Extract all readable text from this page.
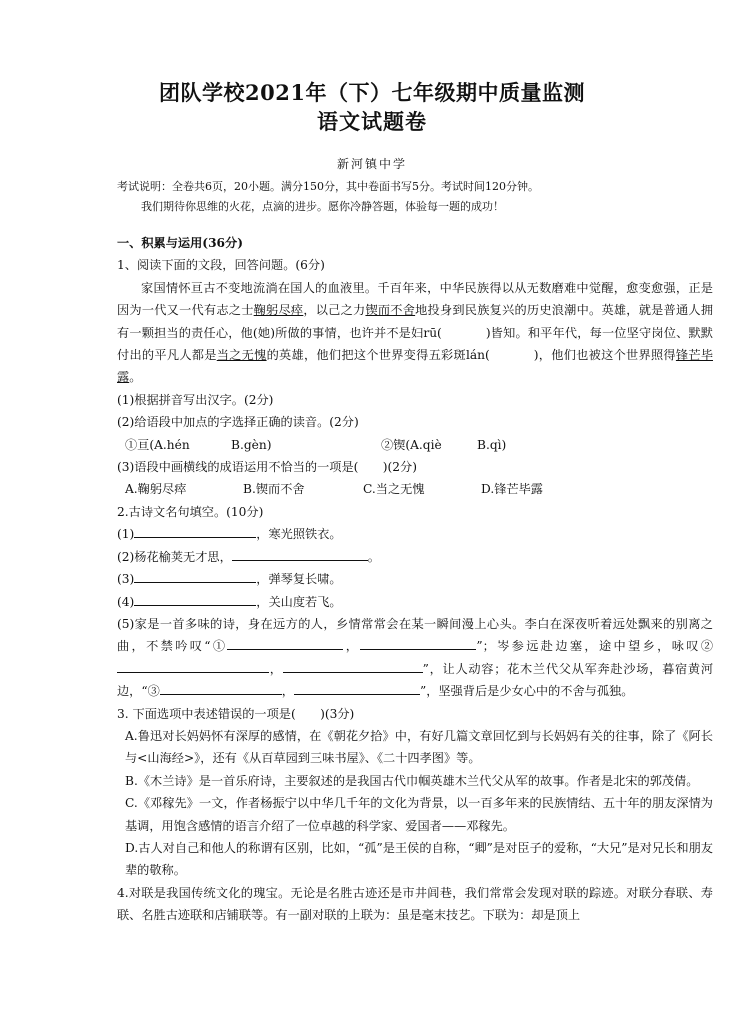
团队学校2021年（下）七年级期中质量监测
语文试题卷
新河镇中学
考试说明：全卷共6页，20小题。满分150分，其中卷面书写5分。考试时间120分钟。
我们期待你思维的火花，点滴的进步。愿你冷静答题，体验每一题的成功！

一、积累与运用(36分)

1、阅读下面的文段，回答问题。(6分)

家国情怀亘古不变地流淌在国人的血液里。千百年来，中华民族得以从无数磨难中觉醒，愈变愈强，正是因为一代又一代有志之士鞠躬尽瘁，以己之力锲而不舍地投身到民族复兴的历史浪潮中。英雄，就是普通人拥有一颗担当的责任心，他(她)所做的事情，也许并不是妇rū(	)皆知。和平年代，每一位坚守岗位、默默付出的平凡人都是当之无愧的英雄，他们把这个世界变得五彩斑lán(	)，他们也被这个世界照得锋芒毕露。

(1)根据拼音写出汉字。(2分)

(2)给语段中加点的字选择正确的读音。(2分)

①亘(A.hén	B.gèn)	②锲(A.qiè	B.qì)

(3)语段中画横线的成语运用不恰当的一项是(　　)(2分)

A.鞠躬尽瘁	B.锲而不舍	C.当之无愧	D.锋芒毕露

2.古诗文名句填空。(10分)

(1)	，寒光照铁衣。

(2)杨花榆荚无才思，	。

(3)	，弹琴复长啸。

(4)	，关山度若飞。

(5)家是一首多味的诗，身在远方的人，乡情常常会在某一瞬间漫上心头。李白在深夜听着远处飘来的别离之曲，不禁吟叹“①	，	”；岑参远赴边塞，途中望乡，咏叹②，	”，让人动容；花木兰代父从军奔赴沙场，暮宿黄河边，“③	，	”，坚强背后是少女心中的不舍与孤独。

3. 下面选项中表述错误的一项是(　　)(3分)

A.鲁迅对长妈妈怀有深厚的感情，在《朝花夕拾》中，有好几篇文章回忆到与长妈妈有关的往事，除了《阿长与<山海经>》，还有《从百草园到三味书屋》、《二十四孝图》等。

B.《木兰诗》是一首乐府诗，主要叙述的是我国古代巾帼英雄木兰代父从军的故事。作者是北宋的郭茂倩。

C.《邓稼先》一文，作者杨振宁以中华几千年的文化为背景，以一百多年来的民族情结、五十年的朋友深情为基调，用饱含感情的语言介绍了一位卓越的科学家、爱国者——邓稼先。

D.古人对自己和他人的称谓有区别，比如，“孤”是王侯的自称，“卿”是对臣子的爱称，“大兄”是对兄长和朋友辈的敬称。

4.对联是我国传统文化的瑰宝。无论是名胜古迹还是市井闾巷，我们常常会发现对联的踪迹。对联分春联、寿联、名胜古迹联和店铺联等。有一副对联的上联为：虽是毫末技艺。下联为：却是顶上
